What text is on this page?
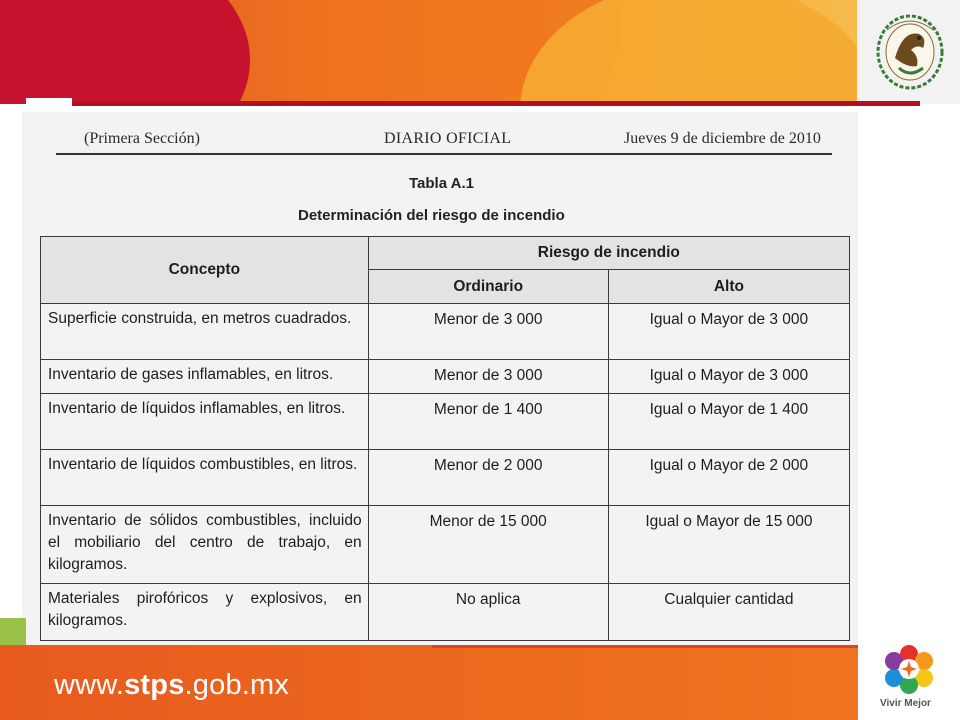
(Primera Sección)	DIARIO OFICIAL	Jueves 9 de diciembre de 2010
Tabla A.1
Determinación del riesgo de incendio
Concepto	Riesgo de incendio	
	Ordinario	Alto
Superficie construida, en metros cuadrados.	Menor de 3 000	Igual o Mayor de 3 000
Inventario de gases inflamables, en litros.	Menor de 3 000	Igual o Mayor de 3 000
Inventario de líquidos inflamables, en litros.	Menor de 1 400	Igual o Mayor de 1 400
Inventario de líquidos combustibles, en litros.	Menor de 2 000	Igual o Mayor de 2 000
Inventario de sólidos combustibles, incluido el mobiliario del centro de trabajo, en kilogramos.	Menor de 15 000	Igual o Mayor de 15 000
Materiales pirofóricos y explosivos, en kilogramos.	No aplica	Cualquier cantidad
www.stps.gob.mx
Vivir Mejor
